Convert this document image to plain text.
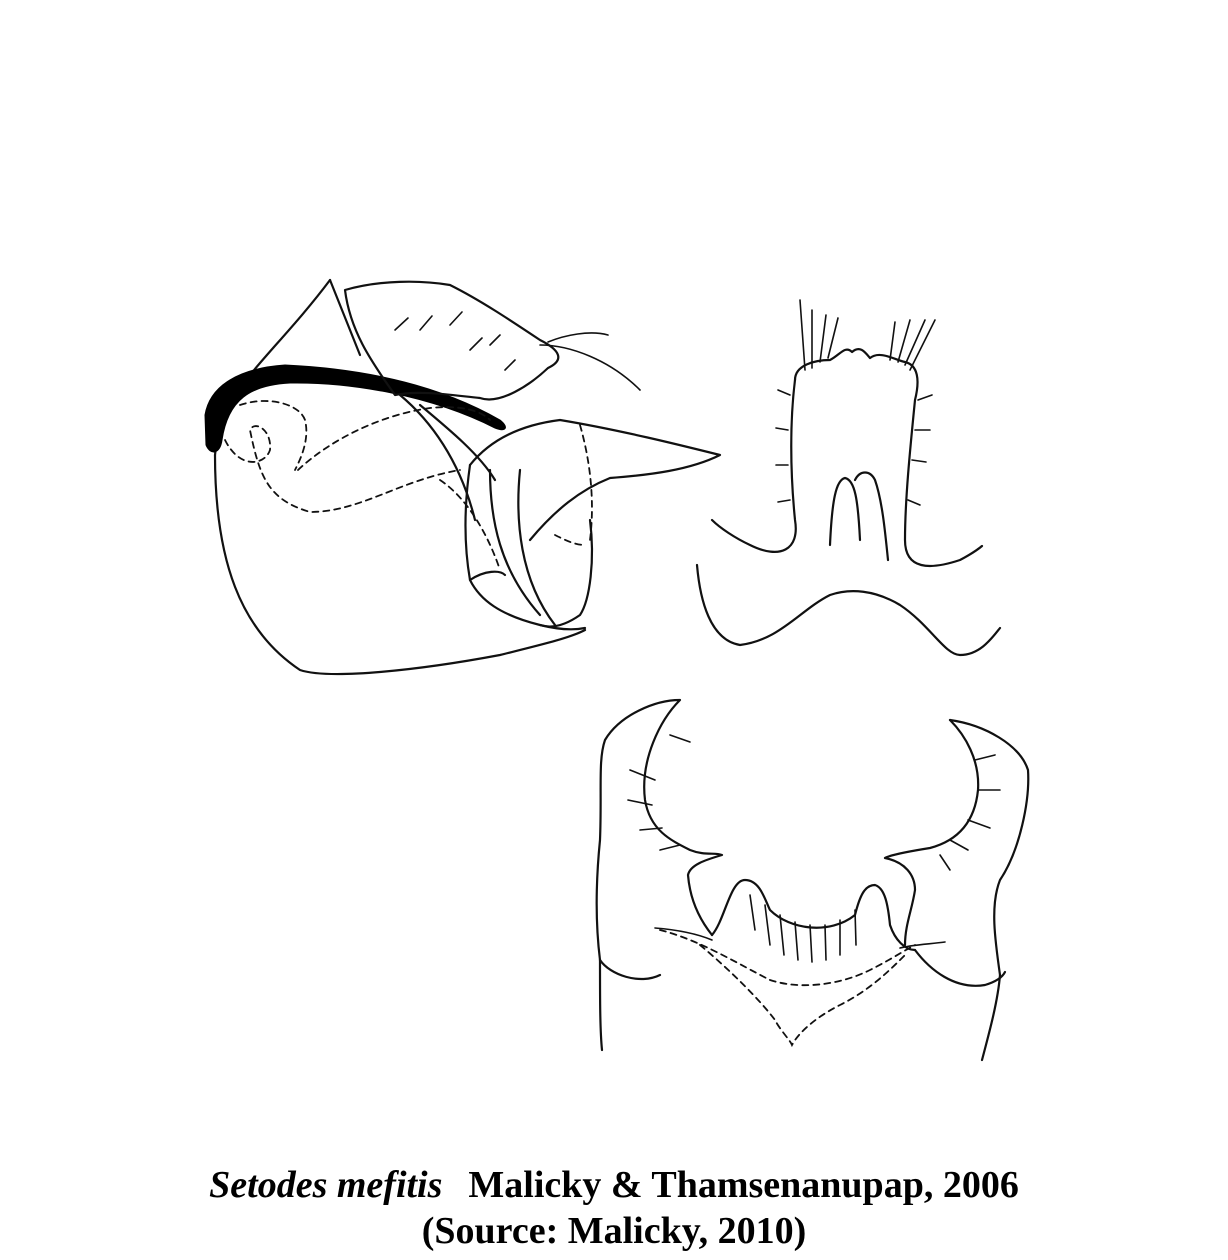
Setodes mefitis Malicky & Thamsenanupap, 2006
(Source: Malicky, 2010)
